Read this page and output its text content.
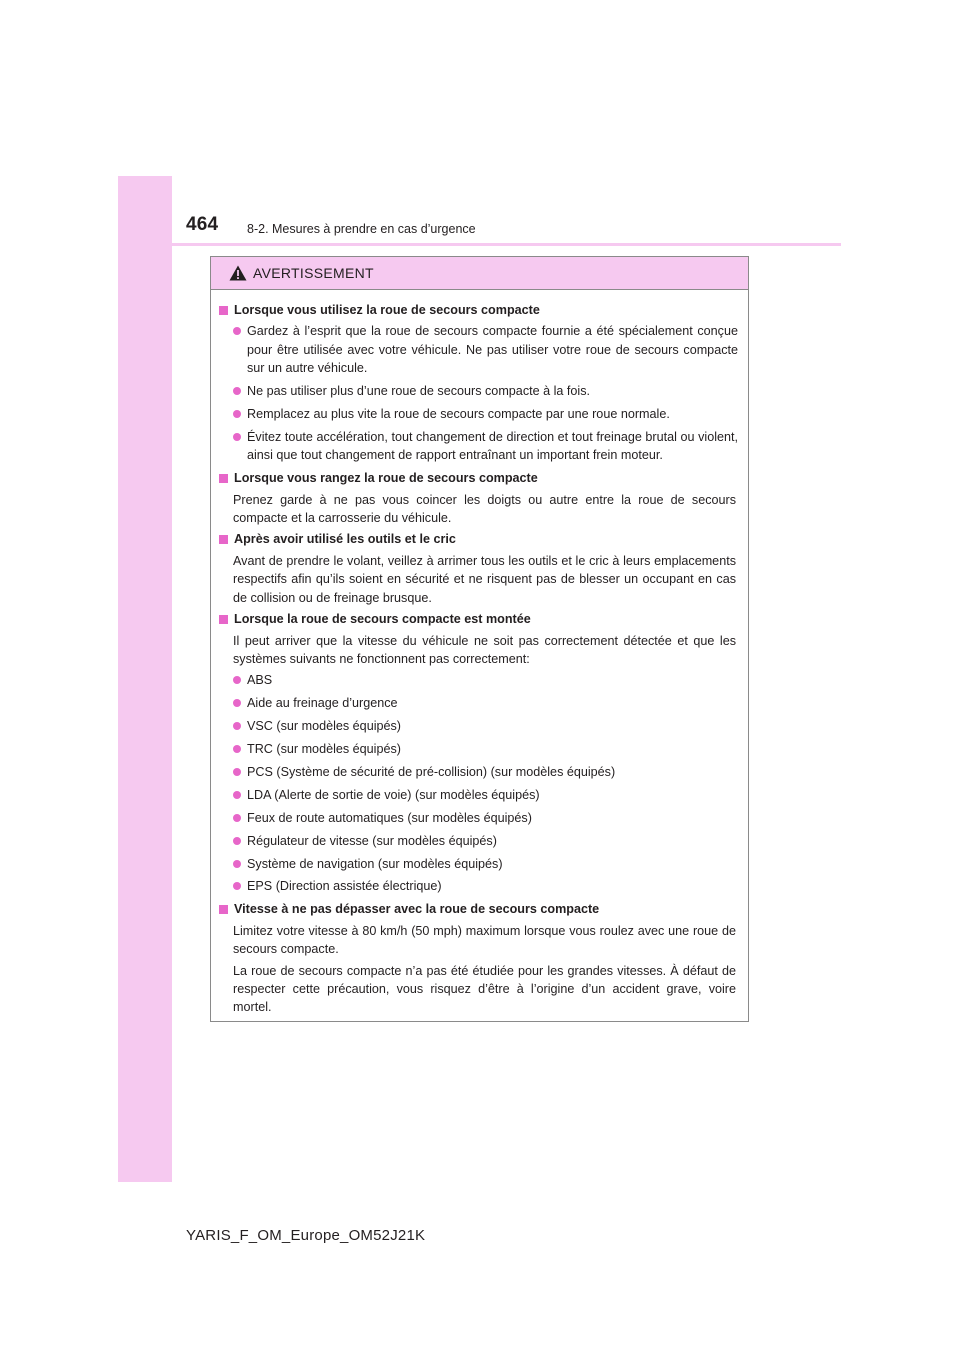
464 8-2. Mesures à prendre en cas d’urgence
AVERTISSEMENT
Lorsque vous utilisez la roue de secours compacte
Gardez à l’esprit que la roue de secours compacte fournie a été spécialement conçue pour être utilisée avec votre véhicule. Ne pas utiliser votre roue de secours compacte sur un autre véhicule.
Ne pas utiliser plus d’une roue de secours compacte à la fois.
Remplacez au plus vite la roue de secours compacte par une roue normale.
Évitez toute accélération, tout changement de direction et tout freinage brutal ou violent, ainsi que tout changement de rapport entraînant un important frein moteur.
Lorsque vous rangez la roue de secours compacte
Prenez garde à ne pas vous coincer les doigts ou autre entre la roue de secours compacte et la carrosserie du véhicule.
Après avoir utilisé les outils et le cric
Avant de prendre le volant, veillez à arrimer tous les outils et le cric à leurs emplacements respectifs afin qu’ils soient en sécurité et ne risquent pas de blesser un occupant en cas de collision ou de freinage brusque.
Lorsque la roue de secours compacte est montée
Il peut arriver que la vitesse du véhicule ne soit pas correctement détectée et que les systèmes suivants ne fonctionnent pas correctement:
ABS
Aide au freinage d’urgence
VSC (sur modèles équipés)
TRC (sur modèles équipés)
PCS (Système de sécurité de pré-collision) (sur modèles équipés)
LDA (Alerte de sortie de voie) (sur modèles équipés)
Feux de route automatiques (sur modèles équipés)
Régulateur de vitesse (sur modèles équipés)
Système de navigation (sur modèles équipés)
EPS (Direction assistée électrique)
Vitesse à ne pas dépasser avec la roue de secours compacte
Limitez votre vitesse à 80 km/h (50 mph) maximum lorsque vous roulez avec une roue de secours compacte.
La roue de secours compacte n’a pas été étudiée pour les grandes vitesses. À défaut de respecter cette précaution, vous risquez d’être à l’origine d’un accident grave, voire mortel.
YARIS_F_OM_Europe_OM52J21K
